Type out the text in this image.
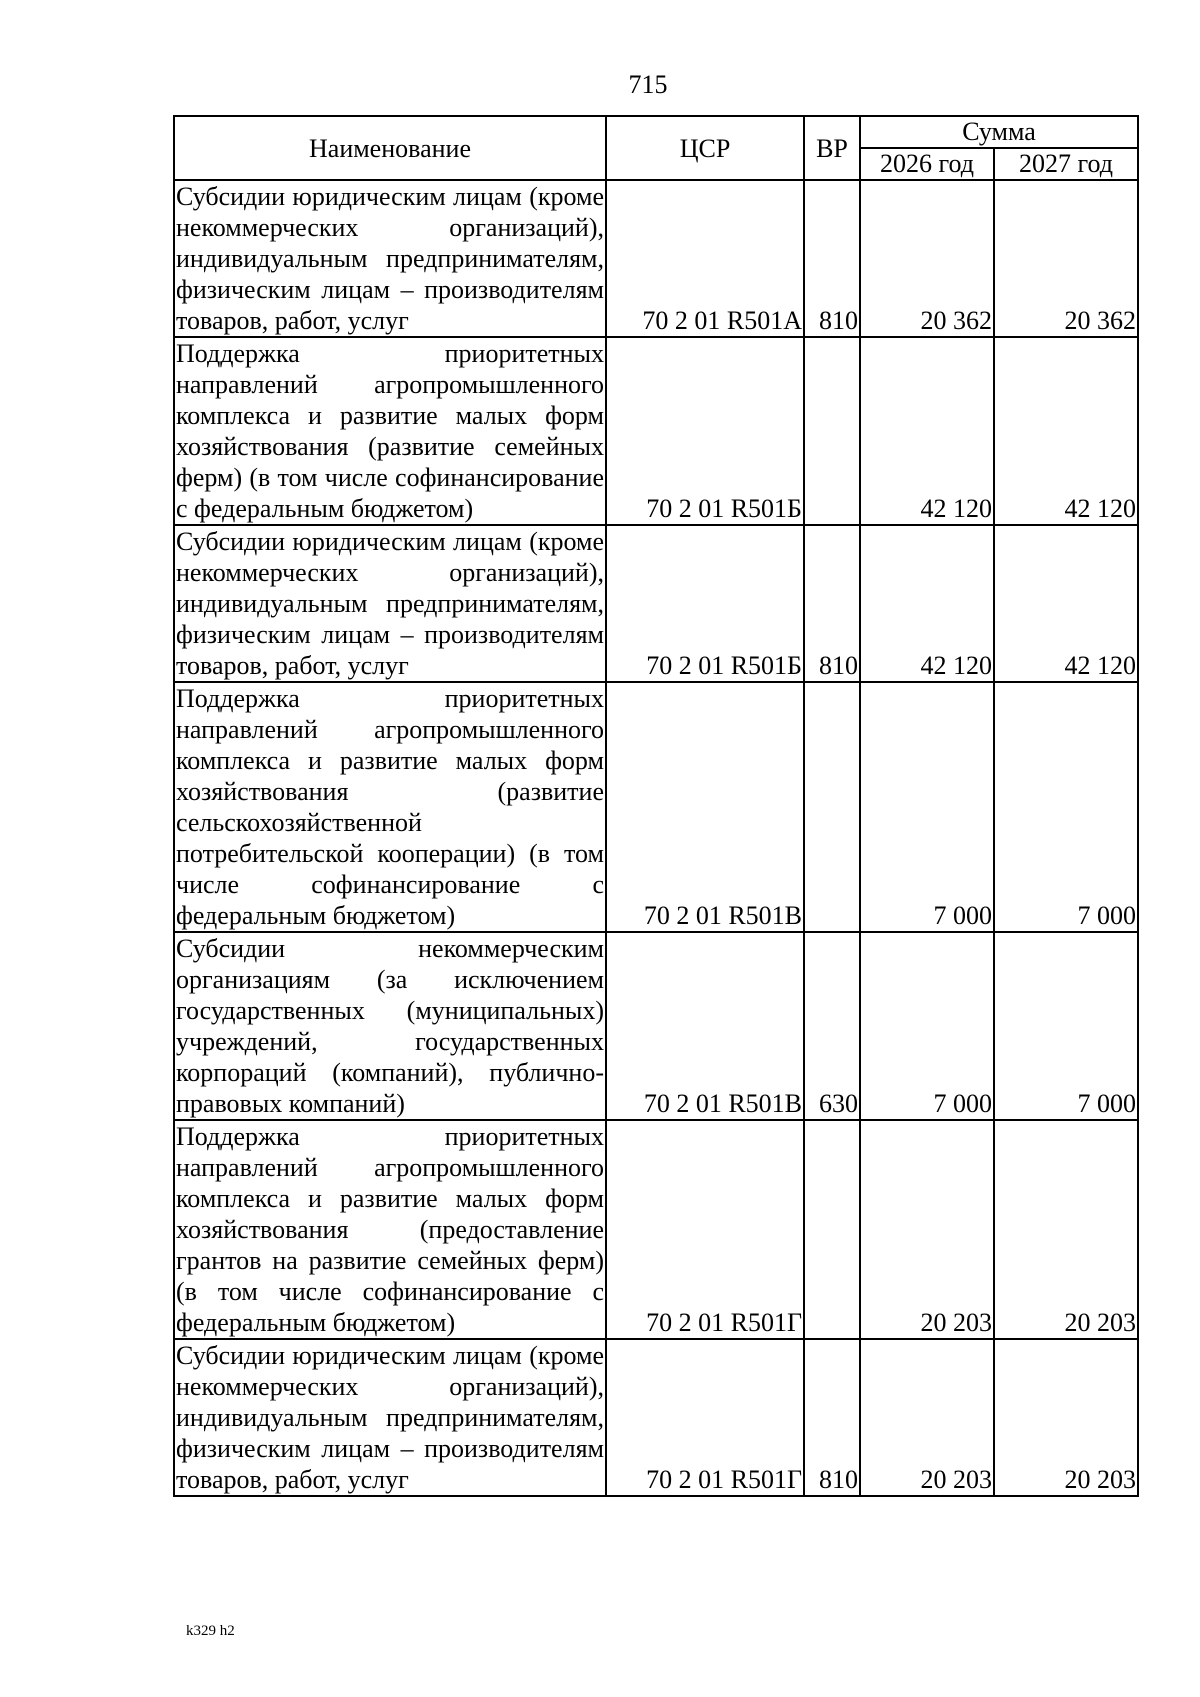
715
Наименование	ЦСР	ВР	Сумма	
			2026 год	2027 год
Субсидии юридическим лицам (кроме некоммерческих организаций), индивидуальным предпринимателям, физическим лицам – производителям товаров, работ, услуг	70 2 01 R501А	810	20 362	20 362
Поддержка приоритетных направлений агропромышленного комплекса и развитие малых форм хозяйствования (развитие семейных ферм) (в том числе софинансирование с федеральным бюджетом)	70 2 01 R501Б		42 120	42 120
Субсидии юридическим лицам (кроме некоммерческих организаций), индивидуальным предпринимателям, физическим лицам – производителям товаров, работ, услуг	70 2 01 R501Б	810	42 120	42 120
Поддержка приоритетных направлений агропромышленного комплекса и развитие малых форм хозяйствования (развитие сельскохозяйственной потребительской кооперации) (в том числе софинансирование с федеральным бюджетом)	70 2 01 R501В		7 000	7 000
Субсидии некоммерческим организациям (за исключением государственных (муниципальных) учреждений, государственных корпораций (компаний), публично-правовых компаний)	70 2 01 R501В	630	7 000	7 000
Поддержка приоритетных направлений агропромышленного комплекса и развитие малых форм хозяйствования (предоставление грантов на развитие семейных ферм) (в том числе софинансирование с федеральным бюджетом)	70 2 01 R501Г		20 203	20 203
Субсидии юридическим лицам (кроме некоммерческих организаций), индивидуальным предпринимателям, физическим лицам – производителям товаров, работ, услуг	70 2 01 R501Г	810	20 203	20 203
k329 h2
